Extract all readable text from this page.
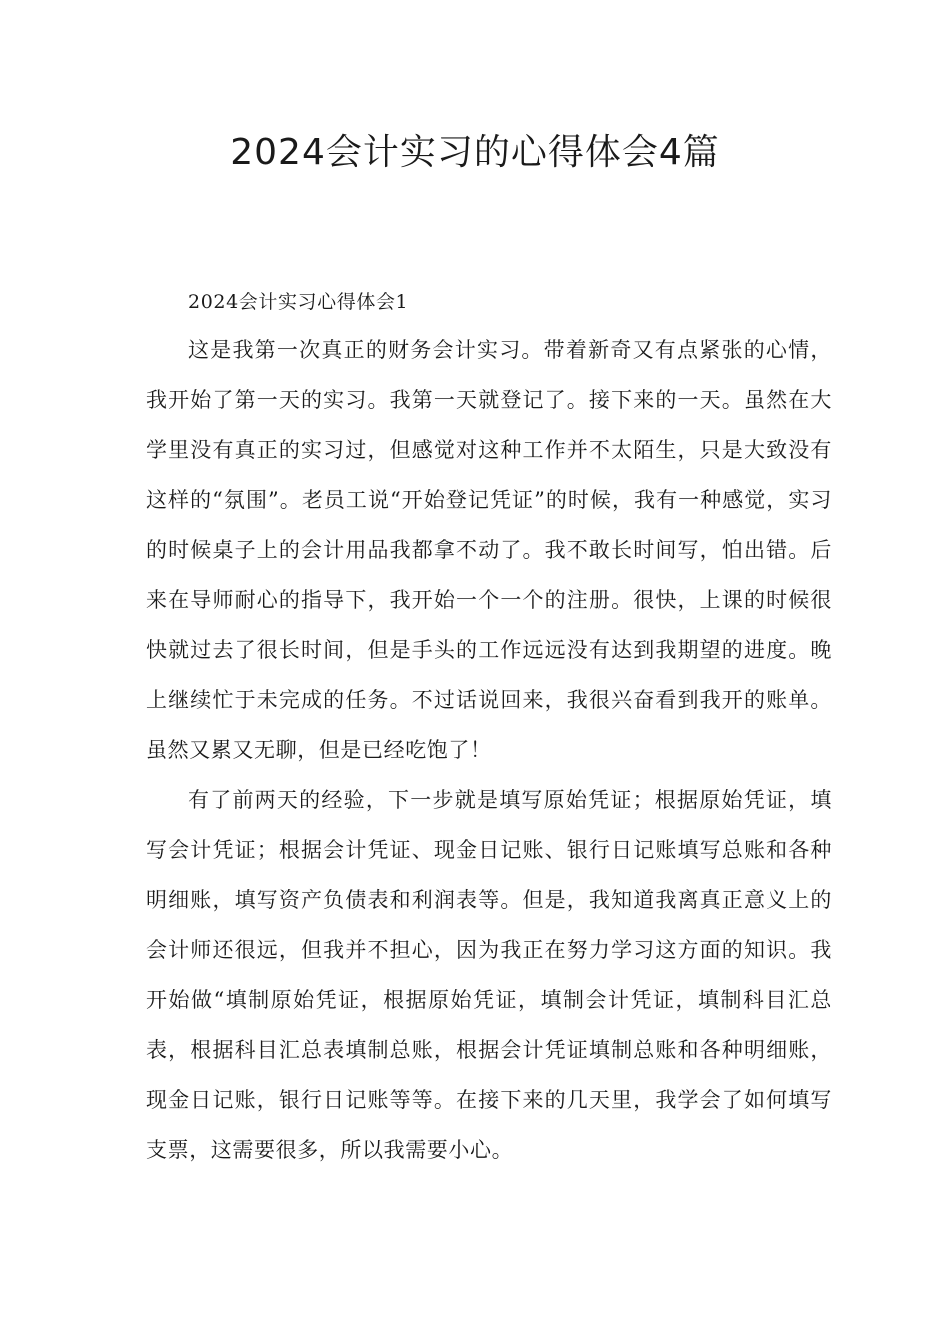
2024会计实习的心得体会4篇

2024会计实习心得体会1

这是我第一次真正的财务会计实习。带着新奇又有点紧张的心情，我开始了第一天的实习。我第一天就登记了。接下来的一天。虽然在大学里没有真正的实习过，但感觉对这种工作并不太陌生，只是大致没有这样的“氛围”。老员工说“开始登记凭证”的时候，我有一种感觉，实习的时候桌子上的会计用品我都拿不动了。我不敢长时间写，怕出错。后来在导师耐心的指导下，我开始一个一个的注册。很快，上课的时候很快就过去了很长时间，但是手头的工作远远没有达到我期望的进度。晚上继续忙于未完成的任务。不过话说回来，我很兴奋看到我开的账单。虽然又累又无聊，但是已经吃饱了！

有了前两天的经验，下一步就是填写原始凭证；根据原始凭证，填写会计凭证；根据会计凭证、现金日记账、银行日记账填写总账和各种明细账，填写资产负债表和利润表等。但是，我知道我离真正意义上的会计师还很远，但我并不担心，因为我正在努力学习这方面的知识。我开始做“填制原始凭证，根据原始凭证，填制会计凭证，填制科目汇总表，根据科目汇总表填制总账，根据会计凭证填制总账和各种明细账，现金日记账，银行日记账等等。在接下来的几天里，我学会了如何填写支票，这需要很多，所以我需要小心。
